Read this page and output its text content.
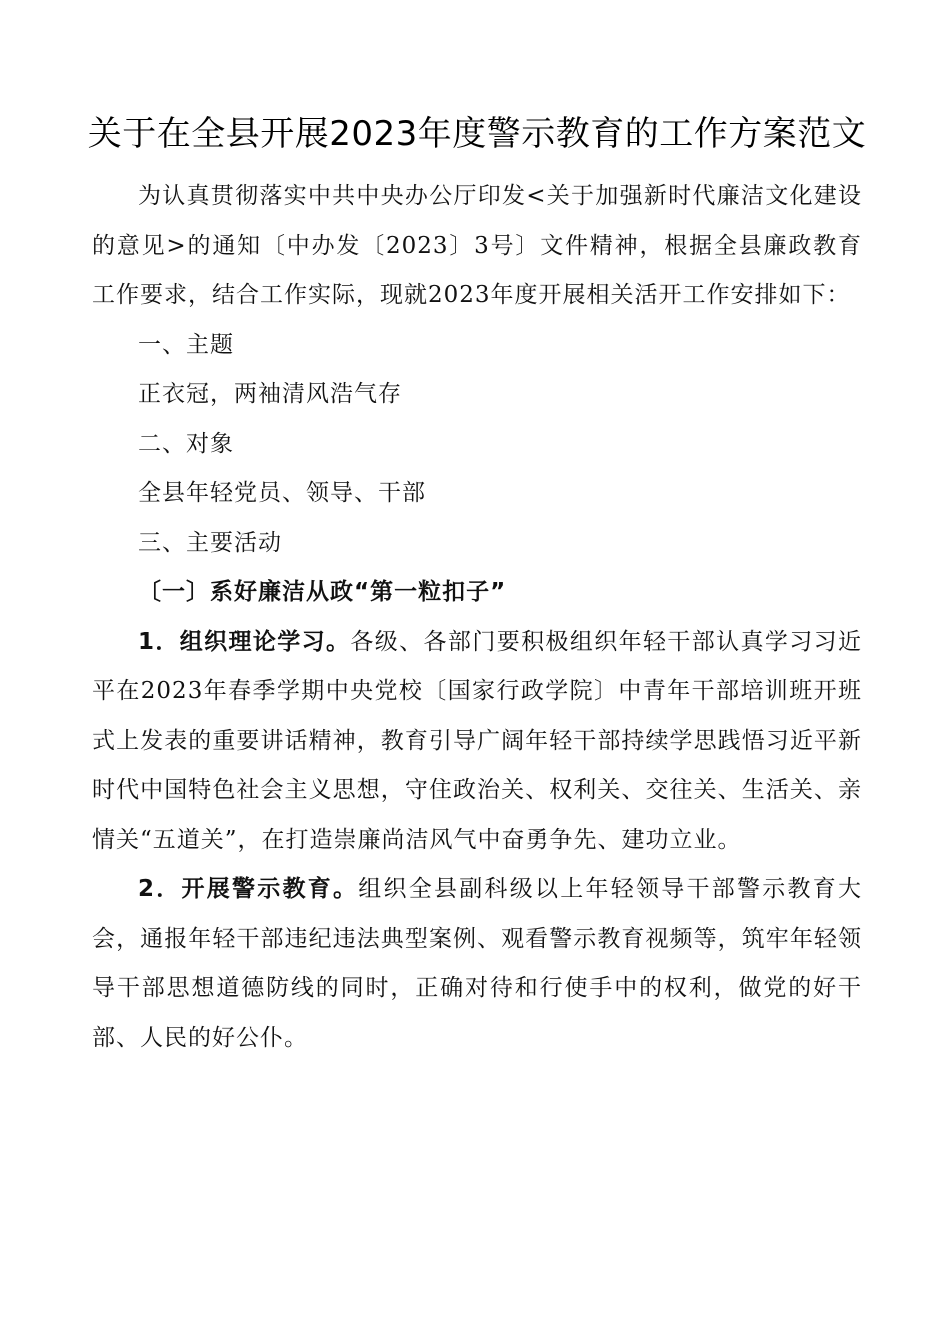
关于在全县开展2023年度警示教育的工作方案范文

为认真贯彻落实中共中央办公厅印发<关于加强新时代廉洁文化建设的意见>的通知〔中办发〔2023〕3号〕文件精神，根据全县廉政教育工作要求，结合工作实际，现就2023年度开展相关活开工作安排如下：

一、主题

正衣冠，两袖清风浩气存

二、对象

全县年轻党员、领导、干部

三、主要活动

〔一〕系好廉洁从政“第一粒扣子”

1．组织理论学习。各级、各部门要积极组织年轻干部认真学习习近平在2023年春季学期中央党校〔国家行政学院〕中青年干部培训班开班式上发表的重要讲话精神，教育引导广阔年轻干部持续学思践悟习近平新时代中国特色社会主义思想，守住政治关、权利关、交往关、生活关、亲情关“五道关”，在打造崇廉尚洁风气中奋勇争先、建功立业。

2．开展警示教育。组织全县副科级以上年轻领导干部警示教育大会，通报年轻干部违纪违法典型案例、观看警示教育视频等，筑牢年轻领导干部思想道德防线的同时，正确对待和行使手中的权利，做党的好干部、人民的好公仆。
